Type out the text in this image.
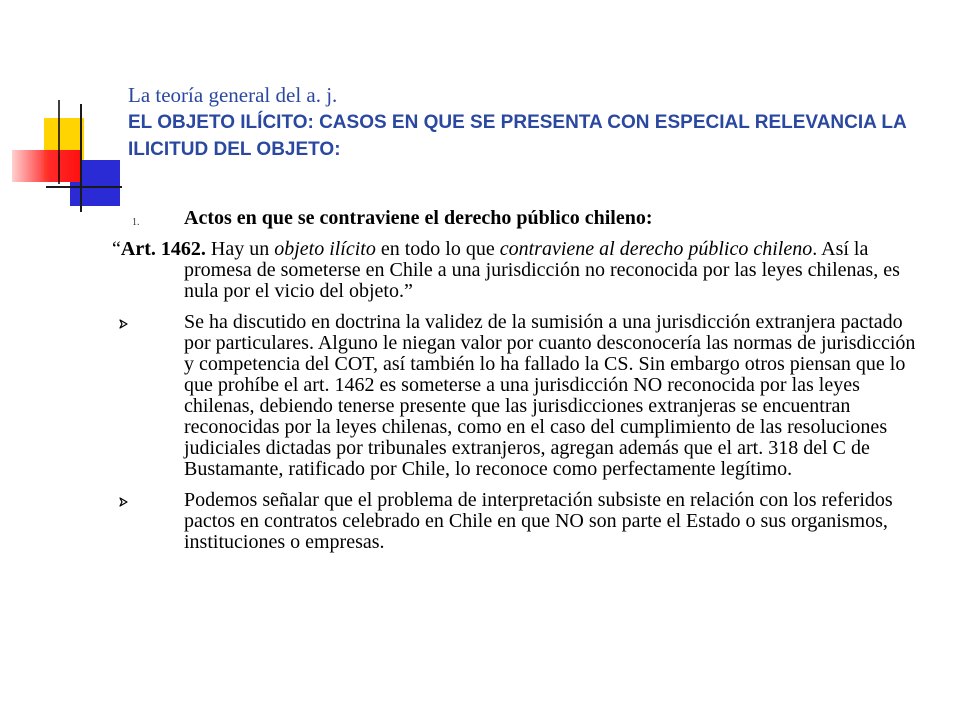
La teoría general del a. j.
EL OBJETO ILÍCITO: CASOS EN QUE SE PRESENTA CON ESPECIAL RELEVANCIA LA ILICITUD DEL OBJETO:
1. Actos en que se contraviene el derecho público chileno:
“Art. 1462. Hay un objeto ilícito en todo lo que contraviene al derecho público chileno. Así la promesa de someterse en Chile a una jurisdicción no reconocida por las leyes chilenas, es nula por el vicio del objeto.”
Se ha discutido en doctrina la validez de la sumisión a una jurisdicción extranjera pactado por particulares. Alguno le niegan valor por cuanto desconocería las normas de jurisdicción y competencia del COT, así también lo ha fallado la CS. Sin embargo otros piensan que lo que prohíbe el art. 1462 es someterse a una jurisdicción NO reconocida por las leyes chilenas, debiendo tenerse presente que las jurisdicciones extranjeras se encuentran reconocidas por la leyes chilenas, como en el caso del cumplimiento de las resoluciones judiciales dictadas por tribunales extranjeros, agregan además que el art. 318 del C de Bustamante, ratificado por Chile, lo reconoce como perfectamente legítimo.
Podemos señalar que el problema de interpretación subsiste en relación con los referidos pactos en contratos celebrado en Chile en que NO son parte el Estado o sus organismos, instituciones o empresas.
